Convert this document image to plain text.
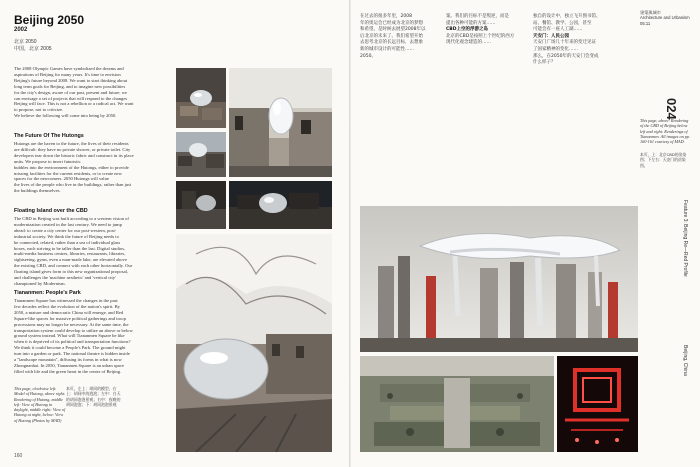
Beijing 2050
2002
北京 2050
中国，北京 2005
The 2008 Olympic Games have symbolized the dreams and
aspirations of Beijing for many years. It's time to envision
Beijing's future beyond 2008. We want to start thinking about
long term goals for Beijing, and to imagine new possibilities
for the city's design, aware of our past, present and future, we
can envisage a set of projects that will respond to the changes
Beijing will face. This is not a rebellion or a radical act. We want
to propose, not to criticize.
We believe the following will come into being by 2050.
The Future Of The Hutongs
Hutongs are the haven to the future, the lives of their residents
are difficult: they have no private shower, or private toilet. City
developers tear down the historic fabric and construct in its place
units. We propose to insert futuristic
bubbles into the environment of the Hutongs, either to provide
missing facilities for the current residents, or to create new
spaces for the newcomers. 2050 Hutongs will value
the lives of the people who live in the buildings, rather than just
the buildings themselves.
Floating Island over the CBD
The CBD in Beijing was built according to a western vision of
modernization created in the last century. We need to jump
ahead: to create a city center for our post-western, post-
industrial society. We think the future of Beijing needs to
be connected, related, rather than a sea of individual glass
boxes, each striving to be taller than the last. Digital studios,
multi-media business centres, libraries, restaurants, libraries,
sightseeing, gyms, even a man-made lake, are elevated above
the existing CBD, and connect with each other horizontally. Our
floating island gives form to this new organizational proposal,
and challenges the 'machine aesthetic' and 'vertical city'
championed by Modernism.
Tiananmen: People's Park
Tiananmen Square has witnessed the changes in the past
few decades reflect the evolution of the nation's spirit. By
2050, a mature and democratic China will emerge, and Red
Square-like spaces for massive political gatherings and troop
processions may no longer be necessary. At the same time, the
transportation system could develop to utilize an above or below
ground system instead. What will Tiananmen Square be like
when it is deprived of its political and transportation functions?
We think it could become a People's Park. The ground might
turn into a garden or park. The national theatre is hidden inside
a "landscape mountain", diffusing its forms in what is now
Zhongnanhai. In 2050, Tiananmen Square is an urban space
filled with life and the green heart in the center of Beijing.
This page, clockwise left: Model of Hutong, above right: Rendering of Hutong, middle left: View of Hutong in daylight, middle right: View of Hutong at night, below: View of Hutong (Photos by MAD)
本页，左上：胡同的模型，右上：胡同中的泡泡；左中：白天的胡同泡泡景观；右中：夜晚的胡同泡泡；下：胡同泡泡景观
160
在过去的很多年里，2008
年的奥运会已经成为北京的梦想
和希望。是时候去展望2008年以
后北京的未来了。我们希望开始
去思考北京的长远目标，去想象
新的城市设计的可能性……
2050。
案。我们的目标不是叛逆，而是
提出各种可能的方案……
CBD上空的浮游之岛
北京的CBD是按照上个世纪的西方
现代化观念建造的……
独自的设计中，独立飞升图书馆、
站、餐馆、教学、公园，甚至
可能会有一座人工湖……
天安门：人民公园
天安门广场几十年来的变迁见证
了国家精神的变化……
那么，在2050年的天安门会变成
什么样子？
建築與城市
Architecture and Urbanism
05:11
This page, above: Rendering of the CBD of Beijing below left and right: Renderings of Tiananmen. All images on pp. 160-161 courtesy of MAD.
本页，上：北京CBD的渲染图；下左右：天安门的渲染图。
024
Feature 3: Beijing Re—Red Profile
Beijing, China
